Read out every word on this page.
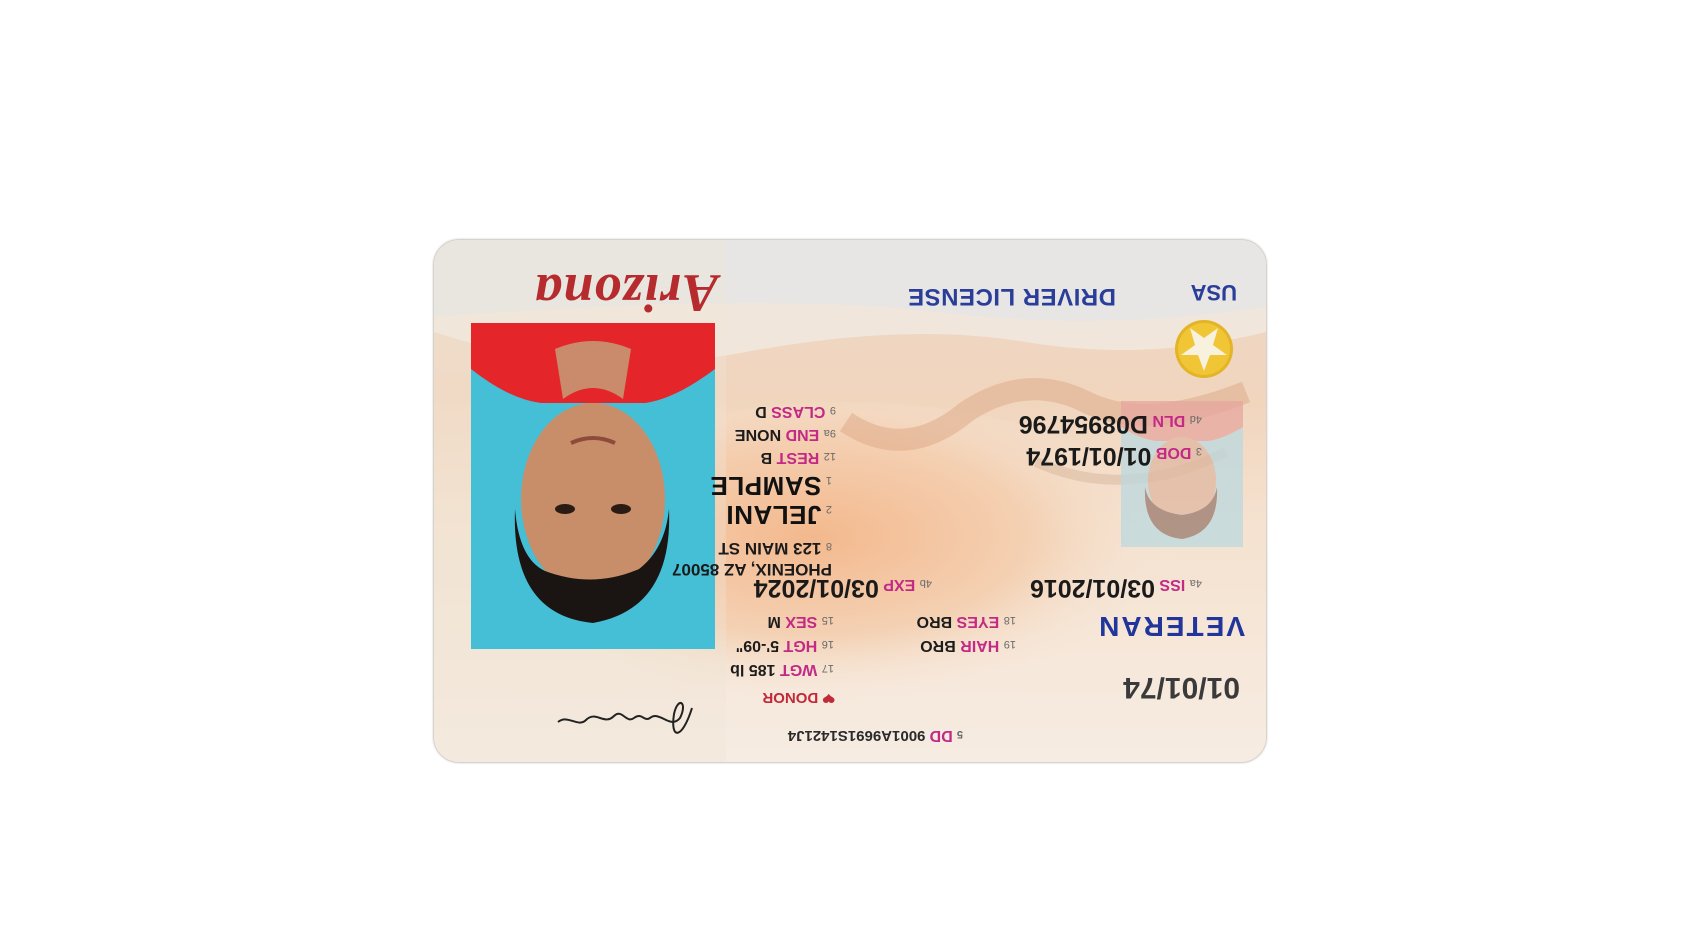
5 DD 9001A9691S1421J4
❤ DONOR	01/01/74
17 WGT 185 lb
16 HGT 5'-09"	19 HAIR BRO
15 SEX M	18 EYES BRO	VETERAN
4b EXP 03/01/2024	4a ISS 03/01/2016
PHOENIX, AZ 85007
8 123 MAIN ST
2 JELANI
1 SAMPLE
12 REST B	3 DOB 01/01/1974
9a END NONE
4d DLN D08954796
9 CLASS D
Arizona	DRIVER LICENSE	USA
